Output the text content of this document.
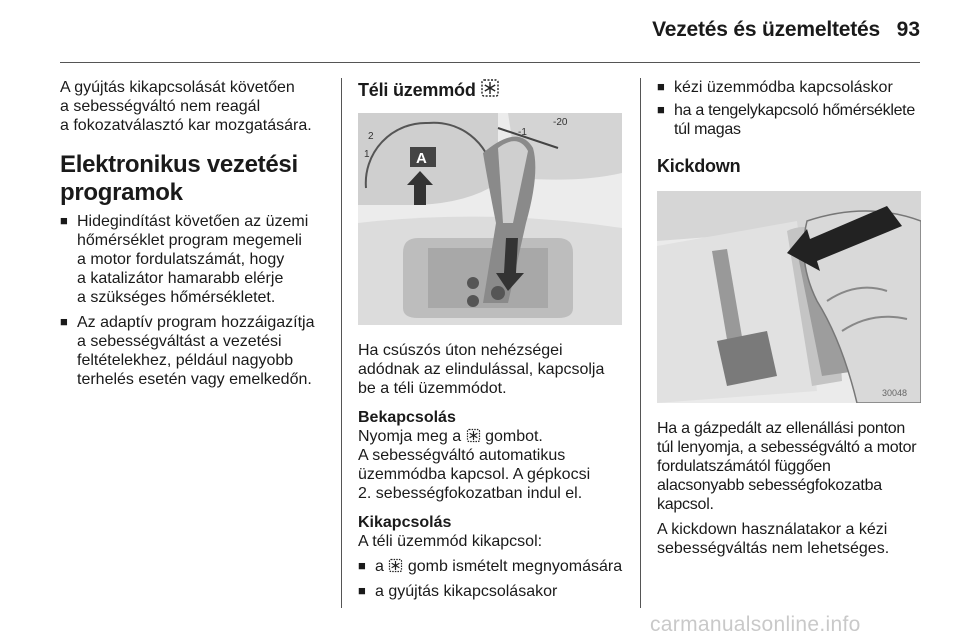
Vezetés és üzemeltetés 93

A gyújtás kikapcsolását követően
a sebességváltó nem reagál
a fokozatválasztó kar mozgatására.

Elektronikus vezetési
programok
■ Hidegindítást követően az üzemi
hőmérséklet program megemeli
a motor fordulatszámát, hogy
a katalizátor hamarabb elérje
a szükséges hőmérsékletet.
■ Az adaptív program hozzáigazítja
a sebességváltást a vezetési
feltételekhez, például nagyobb
terhelés esetén vagy emelkedőn.
Téli üzemmód
2
1
-1
-20
A

Ha csúszós úton nehézségei
adódnak az elindulással, kapcsolja
be a téli üzemmódot.

Bekapcsolás

Nyomja meg a gombot.
A sebességváltó automatikus
üzemmódba kapcsol. A gépkocsi
2. sebességfokozatban indul el.

Kikapcsolás

A téli üzemmód kikapcsol:

■ a gomb ismételt megnyomására
■ a gyújtás kikapcsolásakor
■ kézi üzemmódba kapcsoláskor
■ ha a tengelykapcsoló hőmérséklete
túl magas
Kickdown
30048

Ha a gázpedált az ellenállási ponton
túl lenyomja, a sebességváltó a motor
fordulatszámától függően
alacsonyabb sebességfokozatba
kapcsol.

A kickdown használatakor a kézi
sebességváltás nem lehetséges.

carmanualsonline.info
